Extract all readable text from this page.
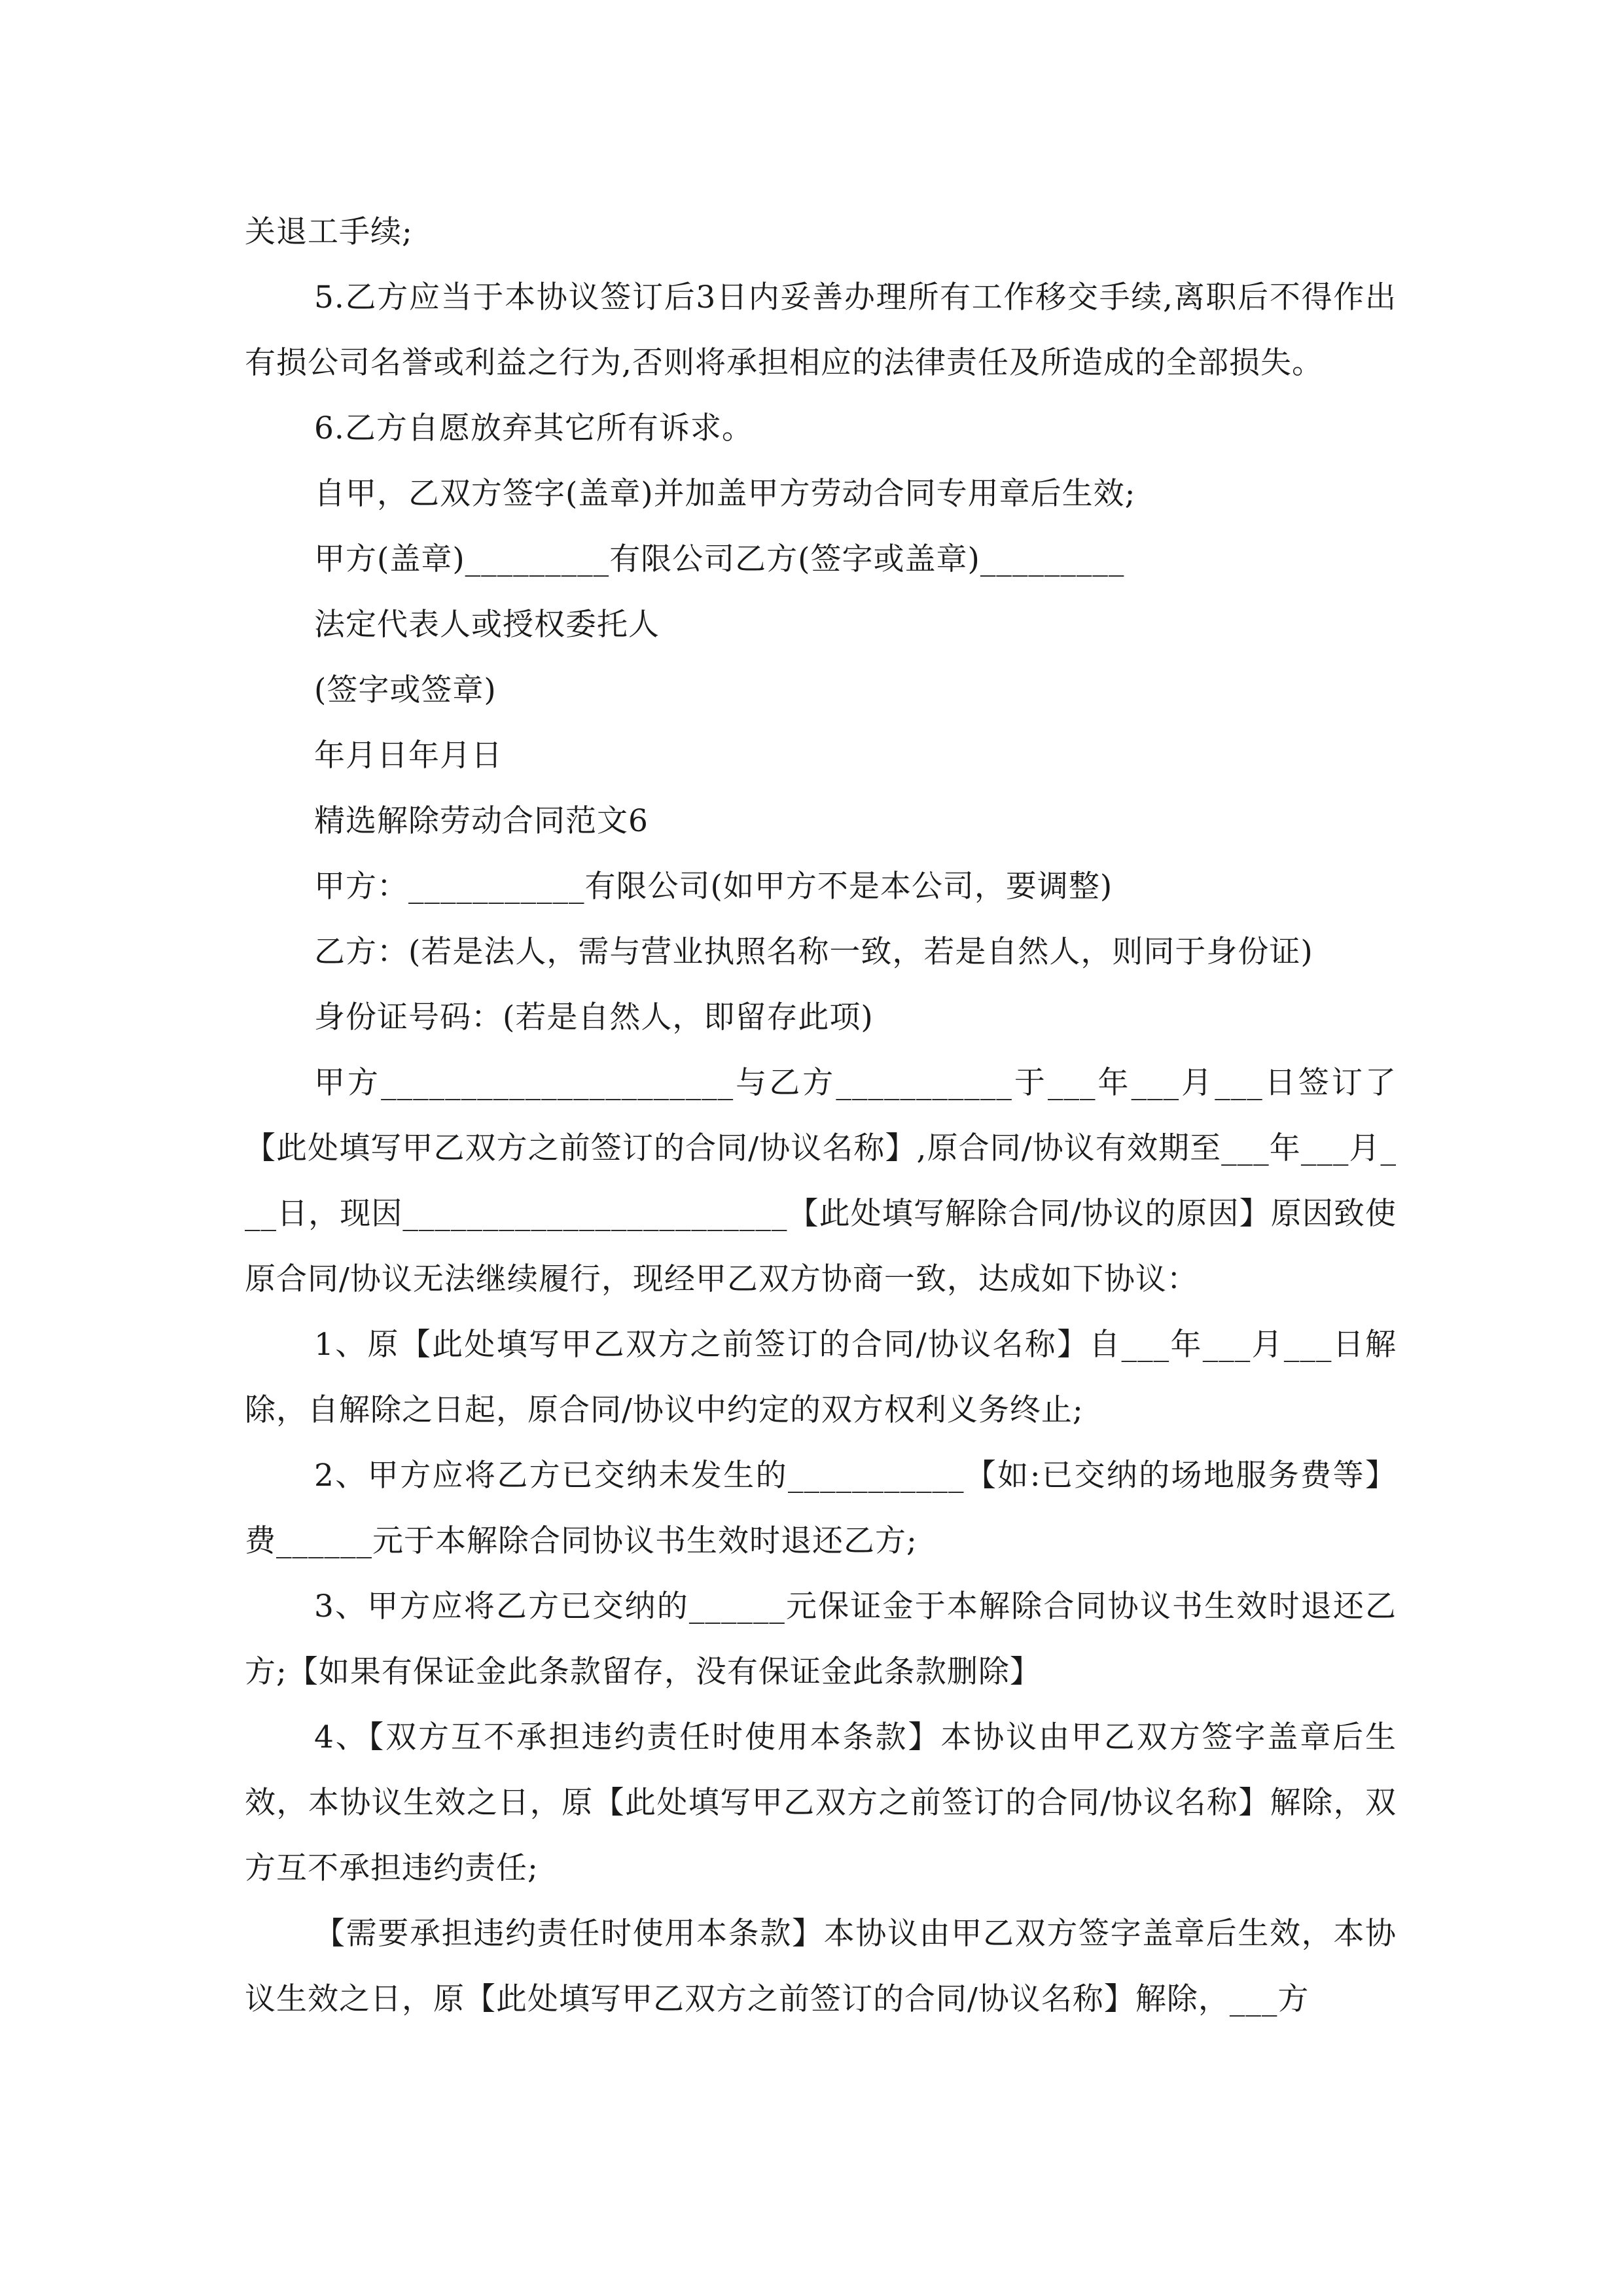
关退工手续;

5.乙方应当于本协议签订后3日内妥善办理所有工作移交手续,离职后不得作出有损公司名誉或利益之行为,否则将承担相应的法律责任及所造成的全部损失。

6.乙方自愿放弃其它所有诉求。

自甲，乙双方签字(盖章)并加盖甲方劳动合同专用章后生效;

甲方(盖章)_________有限公司乙方(签字或盖章)_________

法定代表人或授权委托人

(签字或签章)

年月日年月日

精选解除劳动合同范文6

甲方：___________有限公司(如甲方不是本公司，要调整)

乙方：(若是法人，需与营业执照名称一致，若是自然人，则同于身份证)

身份证号码：(若是自然人，即留存此项)

甲方______________________与乙方___________于___年___月___日签订了【此处填写甲乙双方之前签订的合同/协议名称】,原合同/协议有效期至___年___月___日，现因________________________【此处填写解除合同/协议的原因】原因致使原合同/协议无法继续履行，现经甲乙双方协商一致，达成如下协议：

1、原【此处填写甲乙双方之前签订的合同/协议名称】自___年___月___日解除，自解除之日起，原合同/协议中约定的双方权利义务终止;

2、甲方应将乙方已交纳未发生的___________【如:已交纳的场地服务费等】费______元于本解除合同协议书生效时退还乙方;

3、甲方应将乙方已交纳的______元保证金于本解除合同协议书生效时退还乙方;【如果有保证金此条款留存，没有保证金此条款删除】

4、【双方互不承担违约责任时使用本条款】本协议由甲乙双方签字盖章后生效，本协议生效之日，原【此处填写甲乙双方之前签订的合同/协议名称】解除，双方互不承担违约责任;

【需要承担违约责任时使用本条款】本协议由甲乙双方签字盖章后生效，本协议生效之日，原【此处填写甲乙双方之前签订的合同/协议名称】解除，___方
